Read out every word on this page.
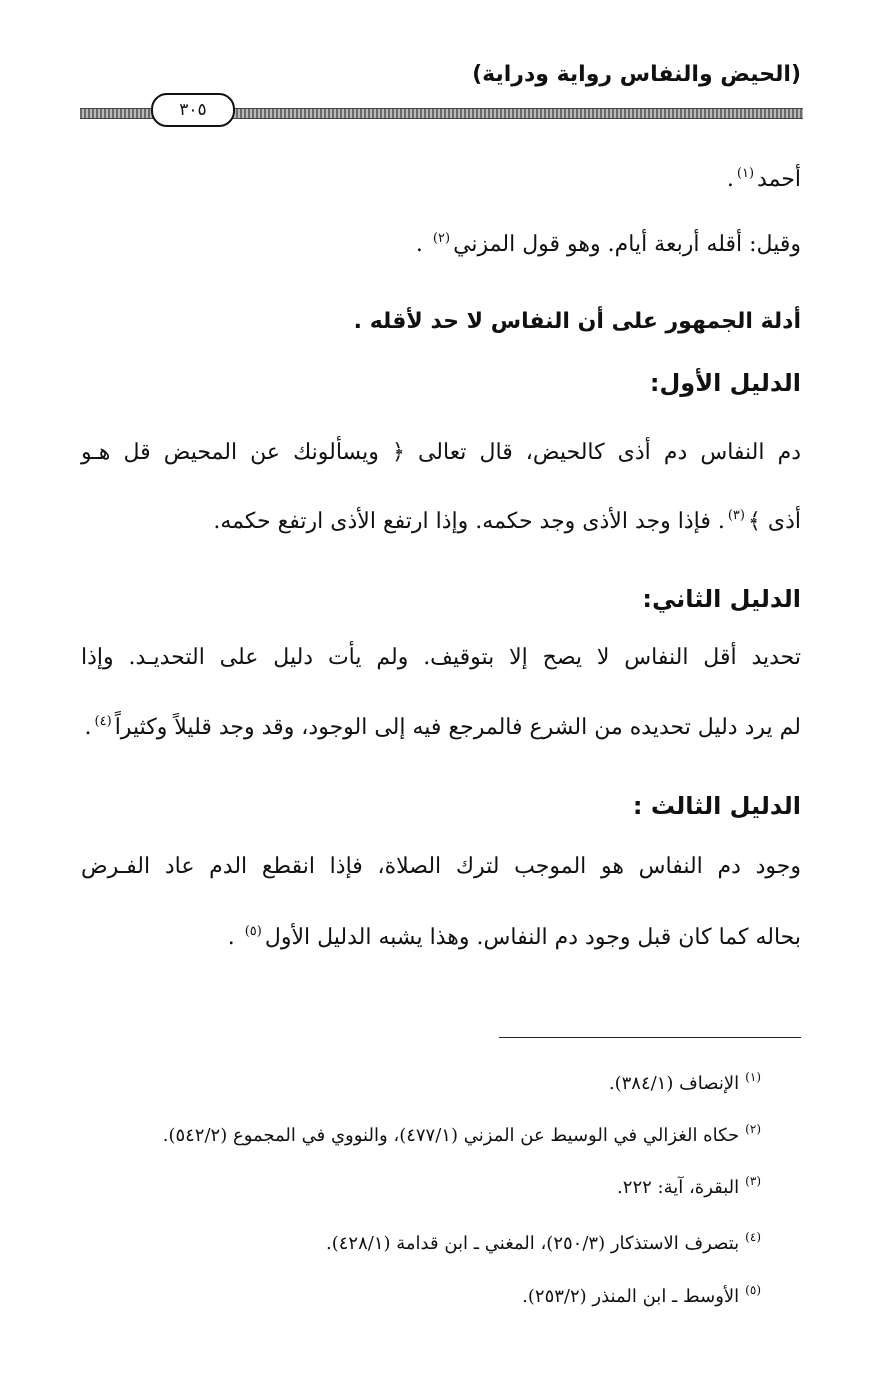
(الحيض والنفاس رواية ودراية)
٣٠٥
أحمد$^{(١)}$.
وقيل: أقله أربعة أيام. وهو قول المزني$^{(٢)}$ .
أدلة الجمهور على أن النفاس لا حد لأقله .
الدليل الأول:
دم النفاس دم أذى كالحيض، قال تعالى ﴿ ويسألونك عن المحيض قل هـو
أذى ﴾$^{(٣)}$. فإذا وجد الأذى وجد حكمه. وإذا ارتفع الأذى ارتفع حكمه.
الدليل الثاني:
تحديد أقل النفاس لا يصح إلا بتوقيف. ولم يأت دليل على التحديـد. وإذا
لم يرد دليل تحديده من الشرع فالمرجع فيه إلى الوجود، وقد وجد قليلاً وكثيراً$^{(٤)}$.
الدليل الثالث :
وجود دم النفاس هو الموجب لترك الصلاة، فإذا انقطع الدم عاد الفـرض
بحاله كما كان قبل وجود دم النفاس. وهذا يشبه الدليل الأول$^{(٥)}$ .
$^{(١)}$الإنصاف (٣٨٤/١).
$^{(٢)}$حكاه الغزالي في الوسيط عن المزني (٤٧٧/١)، والنووي في المجموع (٥٤٢/٢).
$^{(٣)}$البقرة، آية: ٢٢٢.
$^{(٤)}$بتصرف الاستذكار (٢٥٠/٣)، المغني ـ ابن قدامة (٤٢٨/١).
$^{(٥)}$الأوسط ـ ابن المنذر (٢٥٣/٢).
